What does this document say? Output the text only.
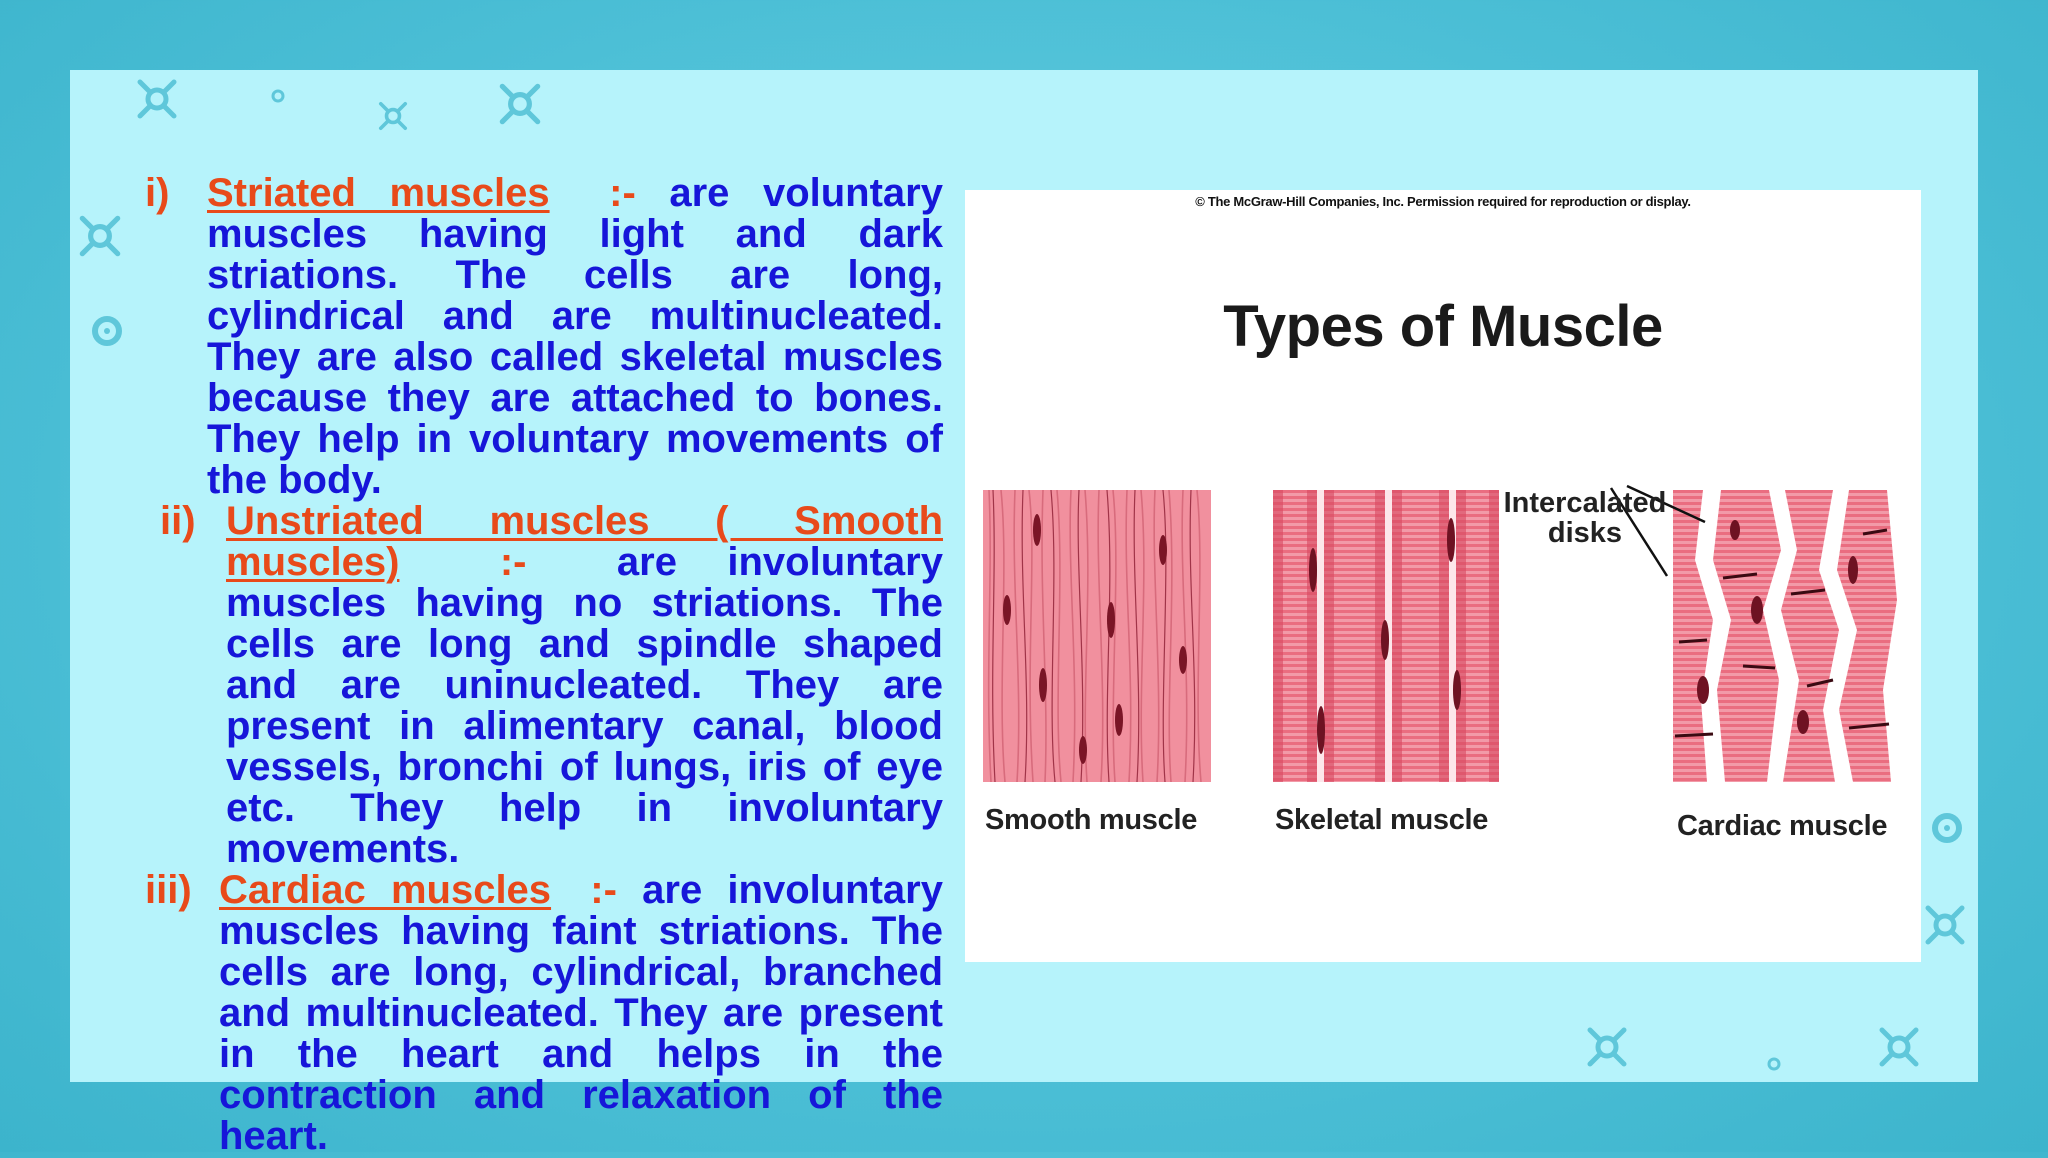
i) Striated muscles :- are voluntary muscles having light and dark striations. The cells are long, cylindrical and are multinucleated. They are also called skeletal muscles because they are attached to bones. They help in voluntary movements of the body.
ii) Unstriated muscles ( Smooth muscles)	:- are involuntary muscles having no striations. The cells are long and spindle shaped and are uninucleated. They are present in alimentary canal, blood vessels, bronchi of lungs, iris of eye etc. They help in involuntary movements.
iii) Cardiac muscles :- are involuntary muscles having faint striations. The cells are long, cylindrical, branched and multinucleated. They are present in the heart and helps in the contraction and relaxation of the heart.
© The McGraw-Hill Companies, Inc. Permission required for reproduction or display.
Types of Muscle
Intercalated disks
Smooth muscle	Skeletal muscle	Cardiac muscle
